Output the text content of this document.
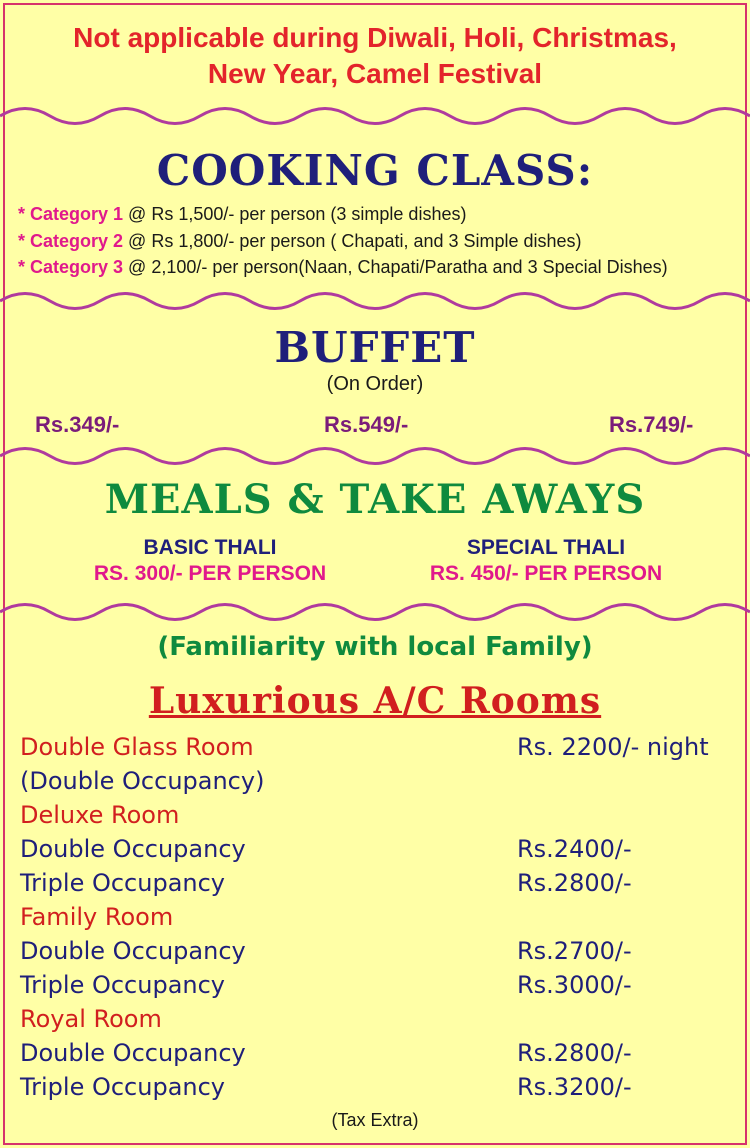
Not applicable during Diwali, Holi, Christmas,
New Year, Camel Festival
COOKING CLASS:
* Category 1 @ Rs 1,500/- per person (3 simple dishes)
* Category 2 @ Rs 1,800/- per person ( Chapati, and 3 Simple dishes)
* Category 3 @ 2,100/- per person(Naan, Chapati/Paratha and 3 Special Dishes)
BUFFET
(On Order)
Rs.349/-	Rs.549/-	Rs.749/-
MEALS & TAKE AWAYS
BASIC THALI
RS. 300/- PER PERSON
SPECIAL THALI
RS. 450/- PER PERSON
(Familiarity with local Family)
Luxurious A/C Rooms
Double Glass Room	Rs. 2200/- night
(Double Occupancy)
Deluxe Room
Double Occupancy	Rs.2400/-
Triple Occupancy	Rs.2800/-
Family Room
Double Occupancy	Rs.2700/-
Triple Occupancy	Rs.3000/-
Royal Room
Double Occupancy	Rs.2800/-
Triple Occupancy	Rs.3200/-
(Tax Extra)
